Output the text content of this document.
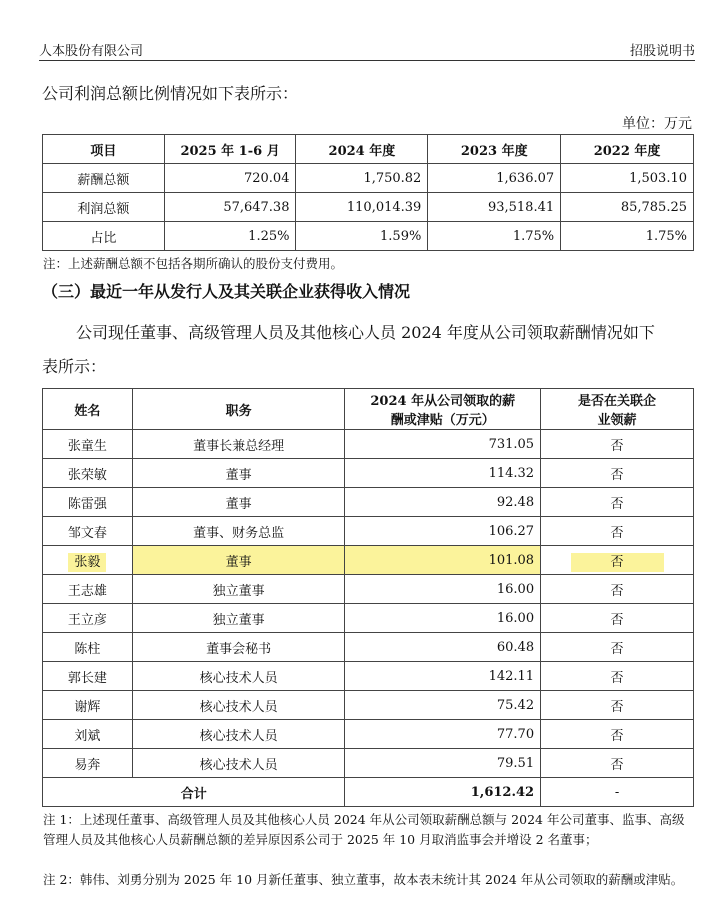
人本股份有限公司	招股说明书
公司利润总额比例情况如下表所示：
单位：万元
项目	2025 年 1-6 月	2024 年度	2023 年度	2022 年度
薪酬总额	720.04	1,750.82	1,636.07	1,503.10
利润总额	57,647.38	110,014.39	93,518.41	85,785.25
占比	1.25%	1.59%	1.75%	1.75%
注：上述薪酬总额不包括各期所确认的股份支付费用。
（三）最近一年从发行人及其关联企业获得收入情况
公司现任董事、高级管理人员及其他核心人员 2024 年度从公司领取薪酬情况如下
表所示：
姓名	职务	2024 年从公司领取的薪酬或津贴（万元）	是否在关联企业领薪
张童生	董事长兼总经理	731.05	否
张荣敏	董事	114.32	否
陈雷强	董事	92.48	否
邹文春	董事、财务总监	106.27	否
张毅	董事	101.08	否
王志雄	独立董事	16.00	否
王立彦	独立董事	16.00	否
陈柱	董事会秘书	60.48	否
郭长建	核心技术人员	142.11	否
谢辉	核心技术人员	75.42	否
刘斌	核心技术人员	77.70	否
易奔	核心技术人员	79.51	否
合计		1,612.42	-
注 1：上述现任董事、高级管理人员及其他核心人员 2024 年从公司领取薪酬总额与 2024 年公司董事、监事、高级管理人员及其他核心人员薪酬总额的差异原因系公司于 2025 年 10 月取消监事会并增设 2 名董事；
注 2：韩伟、刘勇分别为 2025 年 10 月新任董事、独立董事，故本表未统计其 2024 年从公司领取的薪酬或津贴。
